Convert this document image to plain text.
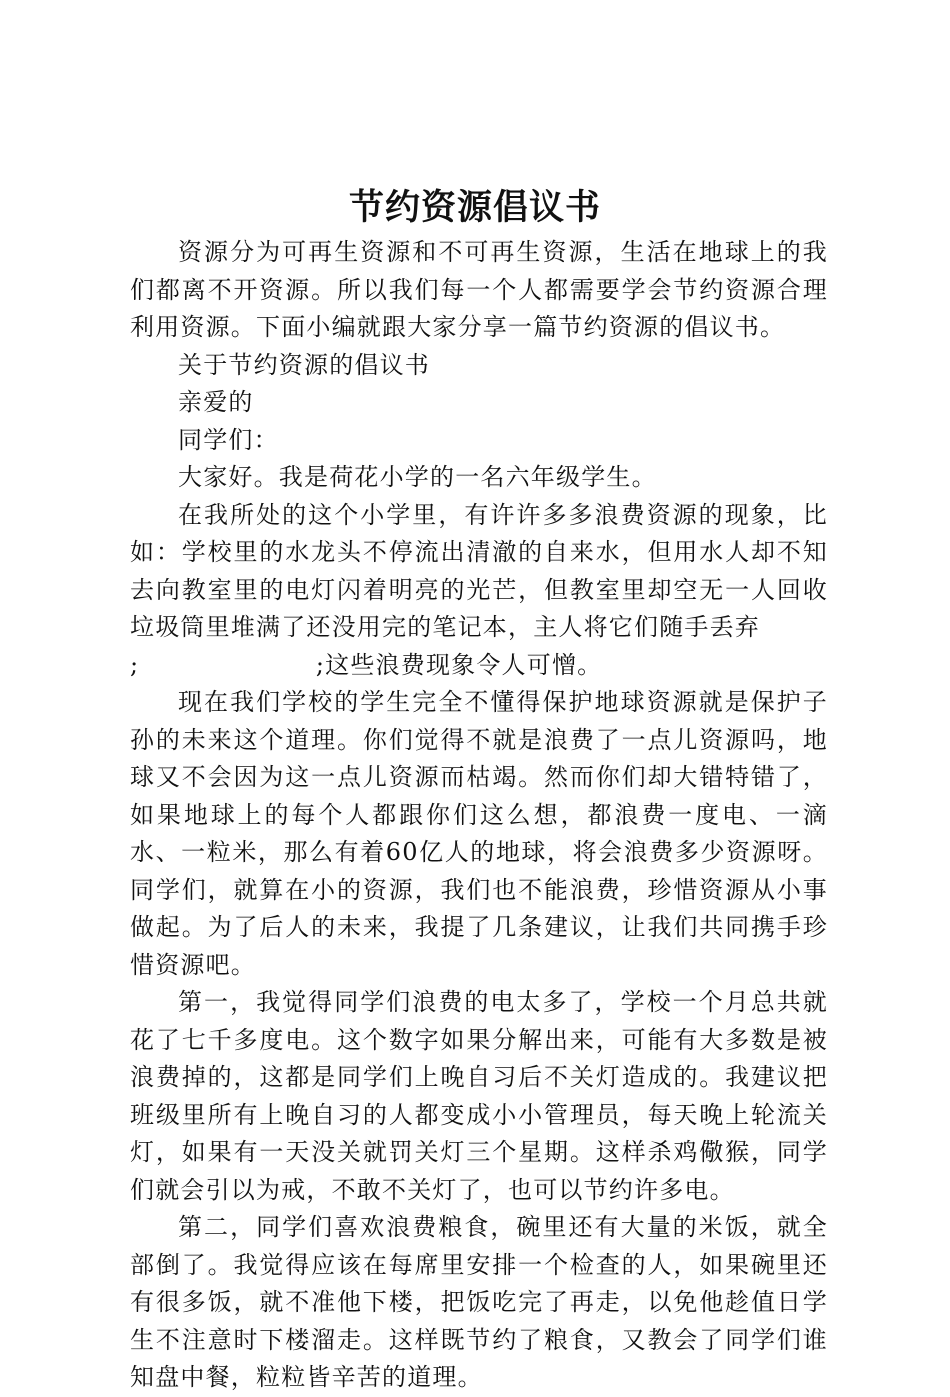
节约资源倡议书

资源分为可再生资源和不可再生资源，生活在地球上的我们都离不开资源。所以我们每一个人都需要学会节约资源合理利用资源。下面小编就跟大家分享一篇节约资源的倡议书。

关于节约资源的倡议书

亲爱的

同学们：

大家好。我是荷花小学的一名六年级学生。

在我所处的这个小学里，有许许多多浪费资源的现象，比如：学校里的水龙头不停流出清澈的自来水，但用水人却不知去向教室里的电灯闪着明亮的光芒，但教室里却空无一人回收垃圾筒里堆满了还没用完的笔记本，主人将它们随手丢弃

;                    ;这些浪费现象令人可憎。

现在我们学校的学生完全不懂得保护地球资源就是保护子孙的未来这个道理。你们觉得不就是浪费了一点儿资源吗，地球又不会因为这一点儿资源而枯竭。然而你们却大错特错了，如果地球上的每个人都跟你们这么想，都浪费一度电、一滴水、一粒米，那么有着60亿人的地球，将会浪费多少资源呀。同学们，就算在小的资源，我们也不能浪费，珍惜资源从小事做起。为了后人的未来，我提了几条建议，让我们共同携手珍惜资源吧。

第一，我觉得同学们浪费的电太多了，学校一个月总共就花了七千多度电。这个数字如果分解出来，可能有大多数是被浪费掉的，这都是同学们上晚自习后不关灯造成的。我建议把班级里所有上晚自习的人都变成小小管理员，每天晚上轮流关灯，如果有一天没关就罚关灯三个星期。这样杀鸡儆猴，同学们就会引以为戒，不敢不关灯了，也可以节约许多电。

第二，同学们喜欢浪费粮食，碗里还有大量的米饭，就全部倒了。我觉得应该在每席里安排一个检查的人，如果碗里还有很多饭，就不准他下楼，把饭吃完了再走，以免他趁值日学生不注意时下楼溜走。这样既节约了粮食，又教会了同学们谁知盘中餐，粒粒皆辛苦的道理。
